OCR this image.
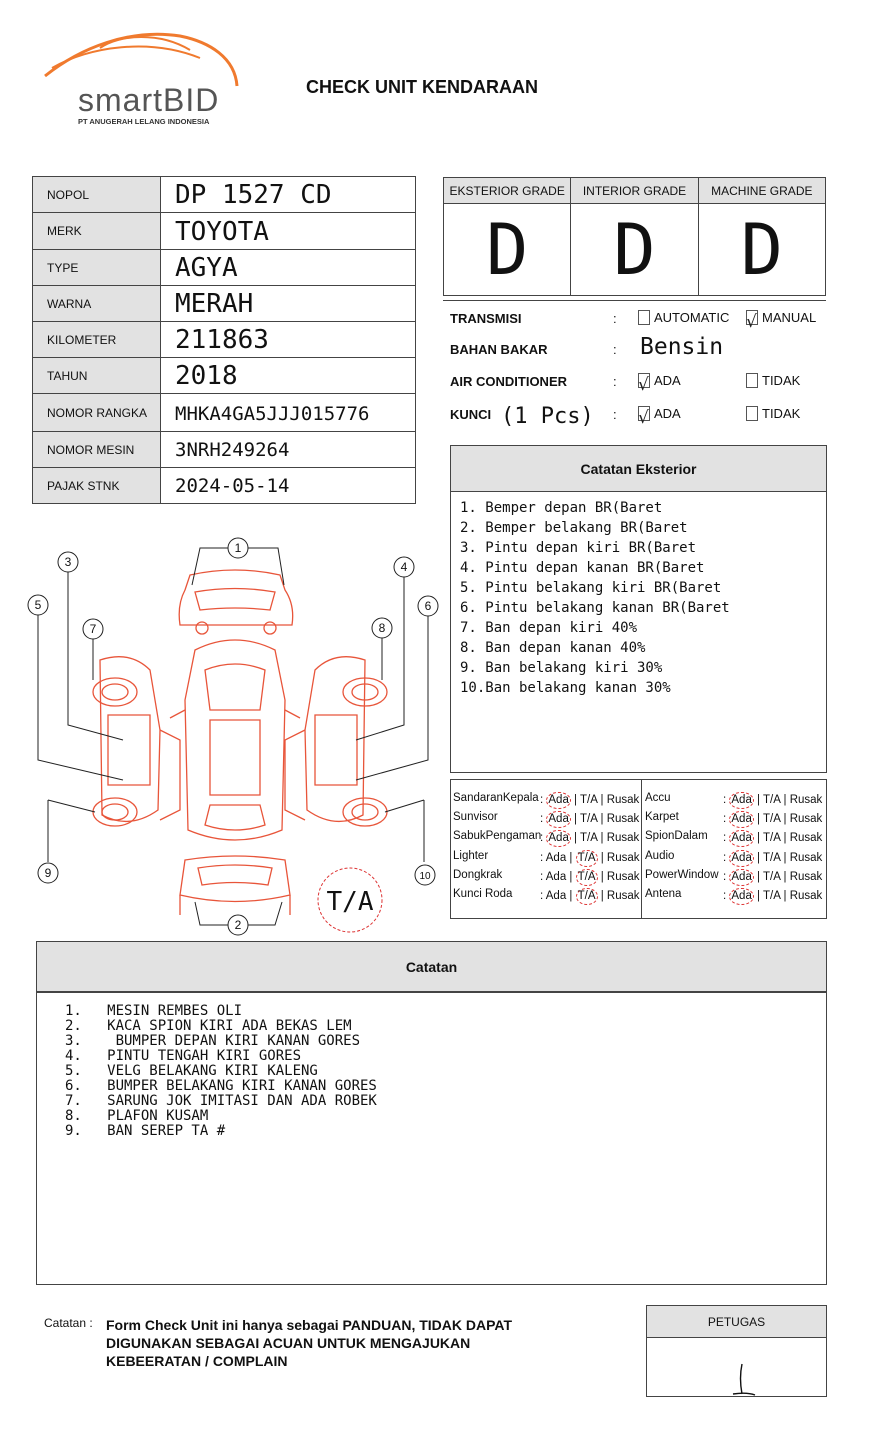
smartBID
PT ANUGERAH LELANG INDONESIA
CHECK UNIT KENDARAAN
NOPOL	DP 1527 CD
MERK	TOYOTA
TYPE	AGYA
WARNA	MERAH
KILOMETER	211863
TAHUN	2018
NOMOR RANGKA	MHKA4GA5JJJ015776
NOMOR MESIN	3NRH249264
PAJAK STNK	2024-05-14
EKSTERIOR GRADE
D
INTERIOR GRADE
D
MACHINE GRADE
D
TRANSMISI	:	AUTOMATIC √ MANUAL
BAHAN BAKAR	: Bensin
AIR CONDITIONER	: √ ADA	TIDAK
KUNCI (1 Pcs) : √ ADA	TIDAK
Catatan Eksterior
1. Bemper depan BR(Baret
2. Bemper belakang BR(Baret
3. Pintu depan kiri BR(Baret
4. Pintu depan kanan BR(Baret
5. Pintu belakang kiri BR(Baret
6. Pintu belakang kanan BR(Baret
7. Ban depan kiri 40%
8. Ban depan kanan 40%
9. Ban belakang kiri 30%
10.Ban belakang kanan 30%
SandaranKepala : Ada | T/A | Rusak
Sunvisor	: Ada | T/A | Rusak
SabukPengaman
: Ada | T/A | Rusak
Lighter	: Ada | T/A | Rusak
Dongkrak	: Ada | T/A | Rusak
Kunci Roda : Ada | T/A | Rusak
Accu	: Ada | T/A | Rusak
Karpet	: Ada | T/A | Rusak
SpionDalam : Ada | T/A | Rusak
Audio	: Ada | T/A | Rusak
PowerWindow : Ada | T/A | Rusak
Antena	: Ada | T/A | Rusak
1
2
3	4
5	6
7	8
9	10
T/A
Catatan
1.   MESIN REMBES OLI
2.   KACA SPION KIRI ADA BEKAS LEM
3.    BUMPER DEPAN KIRI KANAN GORES
4.   PINTU TENGAH KIRI GORES
5.   VELG BELAKANG KIRI KALENG
6.   BUMPER BELAKANG KIRI KANAN GORES
7.   SARUNG JOK IMITASI DAN ADA ROBEK
8.   PLAFON KUSAM
9.   BAN SEREP TA #
Catatan : Form Check Unit ini hanya sebagai PANDUAN, TIDAK DAPAT DIGUNAKAN SEBAGAI ACUAN UNTUK MENGAJUKAN KEBEERATAN / COMPLAIN
PETUGAS
